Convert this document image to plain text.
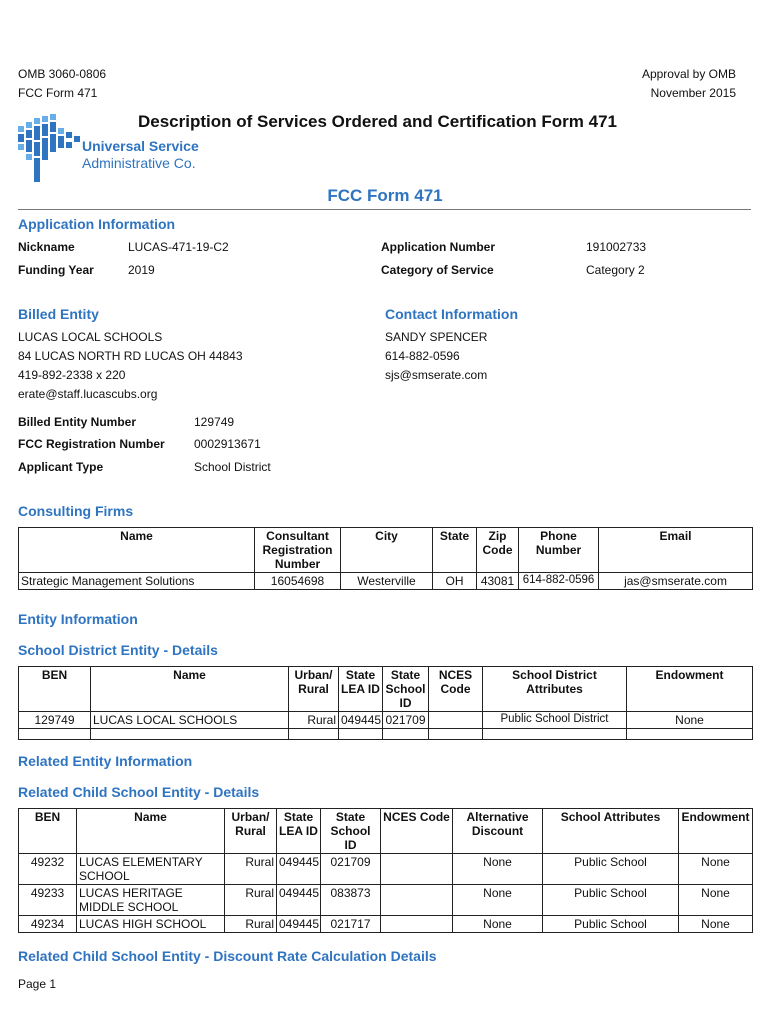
OMB 3060-0806
FCC Form 471
Approval by OMB
November 2015
Universal Service
Administrative Co.
Description of Services Ordered and Certification Form 471
FCC Form 471
Application Information
Nickname	LUCAS-471-19-C2
Funding Year	2019
Application Number	191002733
Category of Service	Category 2
Billed Entity
LUCAS LOCAL SCHOOLS
84 LUCAS NORTH RD LUCAS OH 44843
419-892-2338 x 220
erate@staff.lucascubs.org
Contact Information
SANDY SPENCER
614-882-0596
sjs@smserate.com
Billed Entity Number	129749
FCC Registration Number 0002913671
Applicant Type	School District
Consulting Firms
Name	Consultant Registration Number	City	State	Zip Code	Phone Number	Email
Strategic Management Solutions	16054698	Westerville	OH	43081	614-882-0596	jas@smserate.com
Entity Information
School District Entity - Details
BEN	Name	Urban/ Rural	State LEA ID	State School ID	NCES Code	School District Attributes	Endowment
129749	LUCAS LOCAL SCHOOLS	Rural	049445	021709		Public School District	None

Related Entity Information
Related Child School Entity - Details
BEN	Name	Urban/ Rural	State LEA ID	State School ID	NCES Code	Alternative Discount	School Attributes	Endowment
49232	LUCAS ELEMENTARY SCHOOL	Rural	049445	021709		None	Public School	None
49233	LUCAS HERITAGE MIDDLE SCHOOL	Rural	049445	083873		None	Public School	None
49234	LUCAS HIGH SCHOOL	Rural	049445	021717		None	Public School	None
Related Child School Entity - Discount Rate Calculation Details
Page 1
